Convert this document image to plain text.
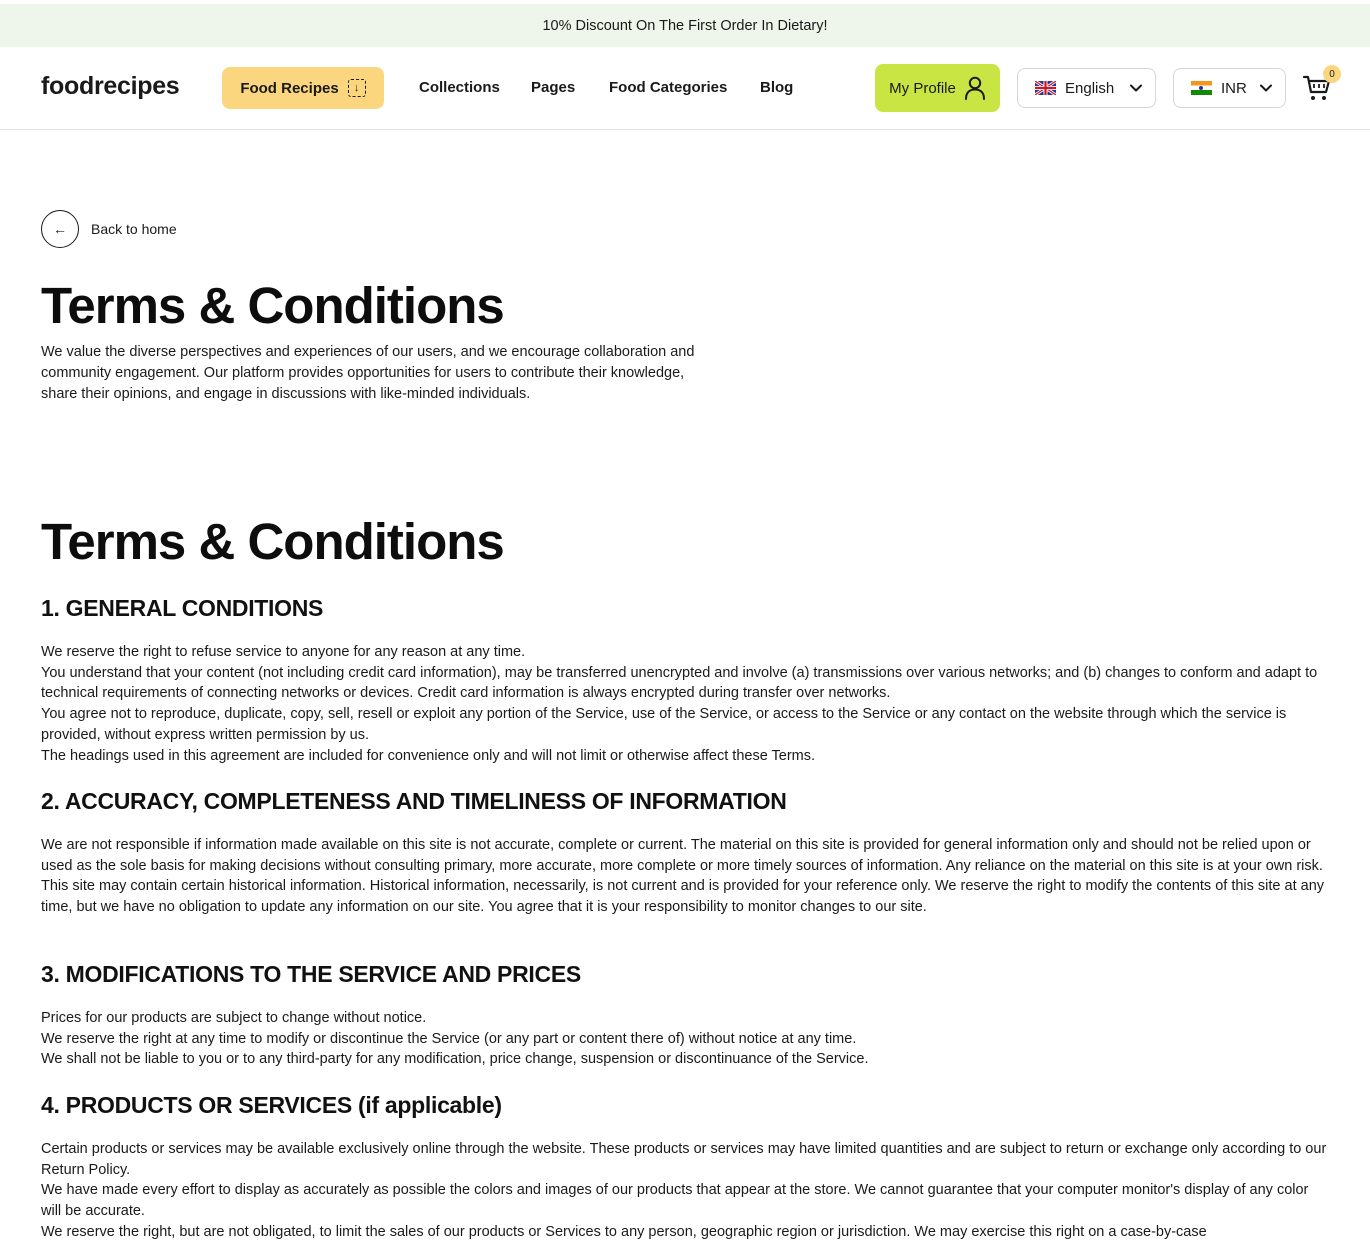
10% Discount On The First Order In Dietary!
foodrecipes	Food Recipes	↓	Collections Pages Food Categories Blog	My Profile	English	INR
0
← Back to home
Terms & Conditions
We value the diverse perspectives and experiences of our users, and we encourage collaboration and community engagement. Our platform provides opportunities for users to contribute their knowledge, share their opinions, and engage in discussions with like-minded individuals.
Terms & Conditions
1. GENERAL CONDITIONS

We reserve the right to refuse service to anyone for any reason at any time.

You understand that your content (not including credit card information), may be transferred unencrypted and involve (a) transmissions over various networks; and (b) changes to conform and adapt to technical requirements of connecting networks or devices. Credit card information is always encrypted during transfer over networks.

You agree not to reproduce, duplicate, copy, sell, resell or exploit any portion of the Service, use of the Service, or access to the Service or any contact on the website through which the service is provided, without express written permission by us.

The headings used in this agreement are included for convenience only and will not limit or otherwise affect these Terms.

2. ACCURACY, COMPLETENESS AND TIMELINESS OF INFORMATION

We are not responsible if information made available on this site is not accurate, complete or current. The material on this site is provided for general information only and should not be relied upon or used as the sole basis for making decisions without consulting primary, more accurate, more complete or more timely sources of information. Any reliance on the material on this site is at your own risk.

This site may contain certain historical information. Historical information, necessarily, is not current and is provided for your reference only. We reserve the right to modify the contents of this site at any time, but we have no obligation to update any information on our site. You agree that it is your responsibility to monitor changes to our site.

3. MODIFICATIONS TO THE SERVICE AND PRICES

Prices for our products are subject to change without notice.

We reserve the right at any time to modify or discontinue the Service (or any part or content there of) without notice at any time.

We shall not be liable to you or to any third-party for any modification, price change, suspension or discontinuance of the Service.

4. PRODUCTS OR SERVICES (if applicable)

Certain products or services may be available exclusively online through the website. These products or services may have limited quantities and are subject to return or exchange only according to our Return Policy.

We have made every effort to display as accurately as possible the colors and images of our products that appear at the store. We cannot guarantee that your computer monitor's display of any color will be accurate.

We reserve the right, but are not obligated, to limit the sales of our products or Services to any person, geographic region or jurisdiction. We may exercise this right on a case-by-case
